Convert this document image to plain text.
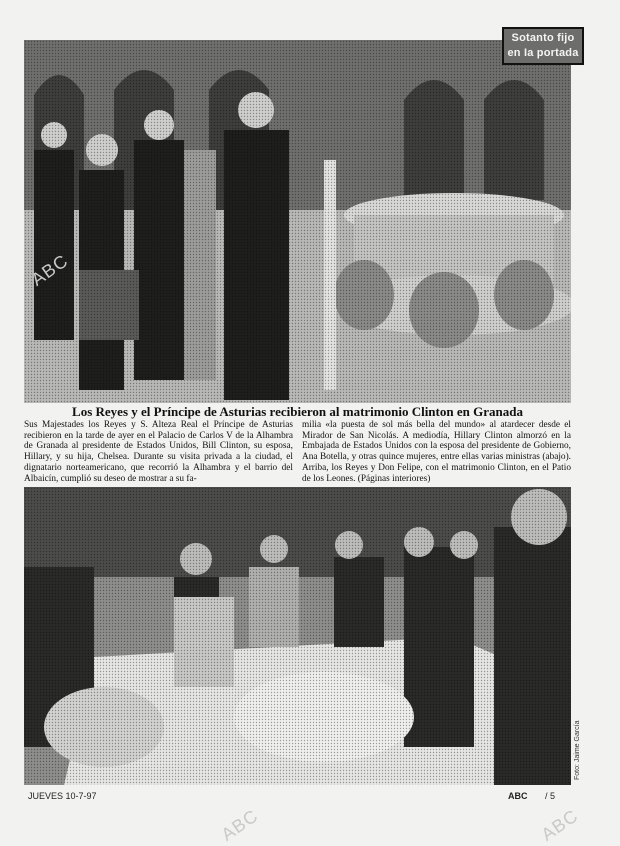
Sotanto fijo
en Ia portada
Los Reyes y el Príncipe de Asturias recibieron al matrimonio Clinton en Granada
Sus Majestades los Reyes y S. Alteza Real el Príncipe de Asturias recibieron en la tarde de ayer en el Palacio de Carlos V de la Alhambra de Granada al presidente de Estados Unidos, Bill Clinton, su esposa, Hillary, y su hija, Chelsea. Durante su visita privada a la ciudad, el dignatario norteamericano, que recorrió la Alhambra y el barrio del Albaicín, cumplió su deseo de mostrar a su fa-
milia «la puesta de sol más bella del mundo» al atardecer desde el Mirador de San Nicolás. A mediodía, Hillary Clinton almorzó en la Embajada de Estados Unidos con la esposa del presidente de Gobierno, Ana Botella, y otras quince mujeres, entre ellas varias ministras (abajo). Arriba, los Reyes y Don Felipe, con el matrimonio Clinton, en el Patio de los Leones. (Páginas interiores)
Foto: Jaime García
JUEVES 10-7-97	ABC / 5
ABC	ABC
ABC
